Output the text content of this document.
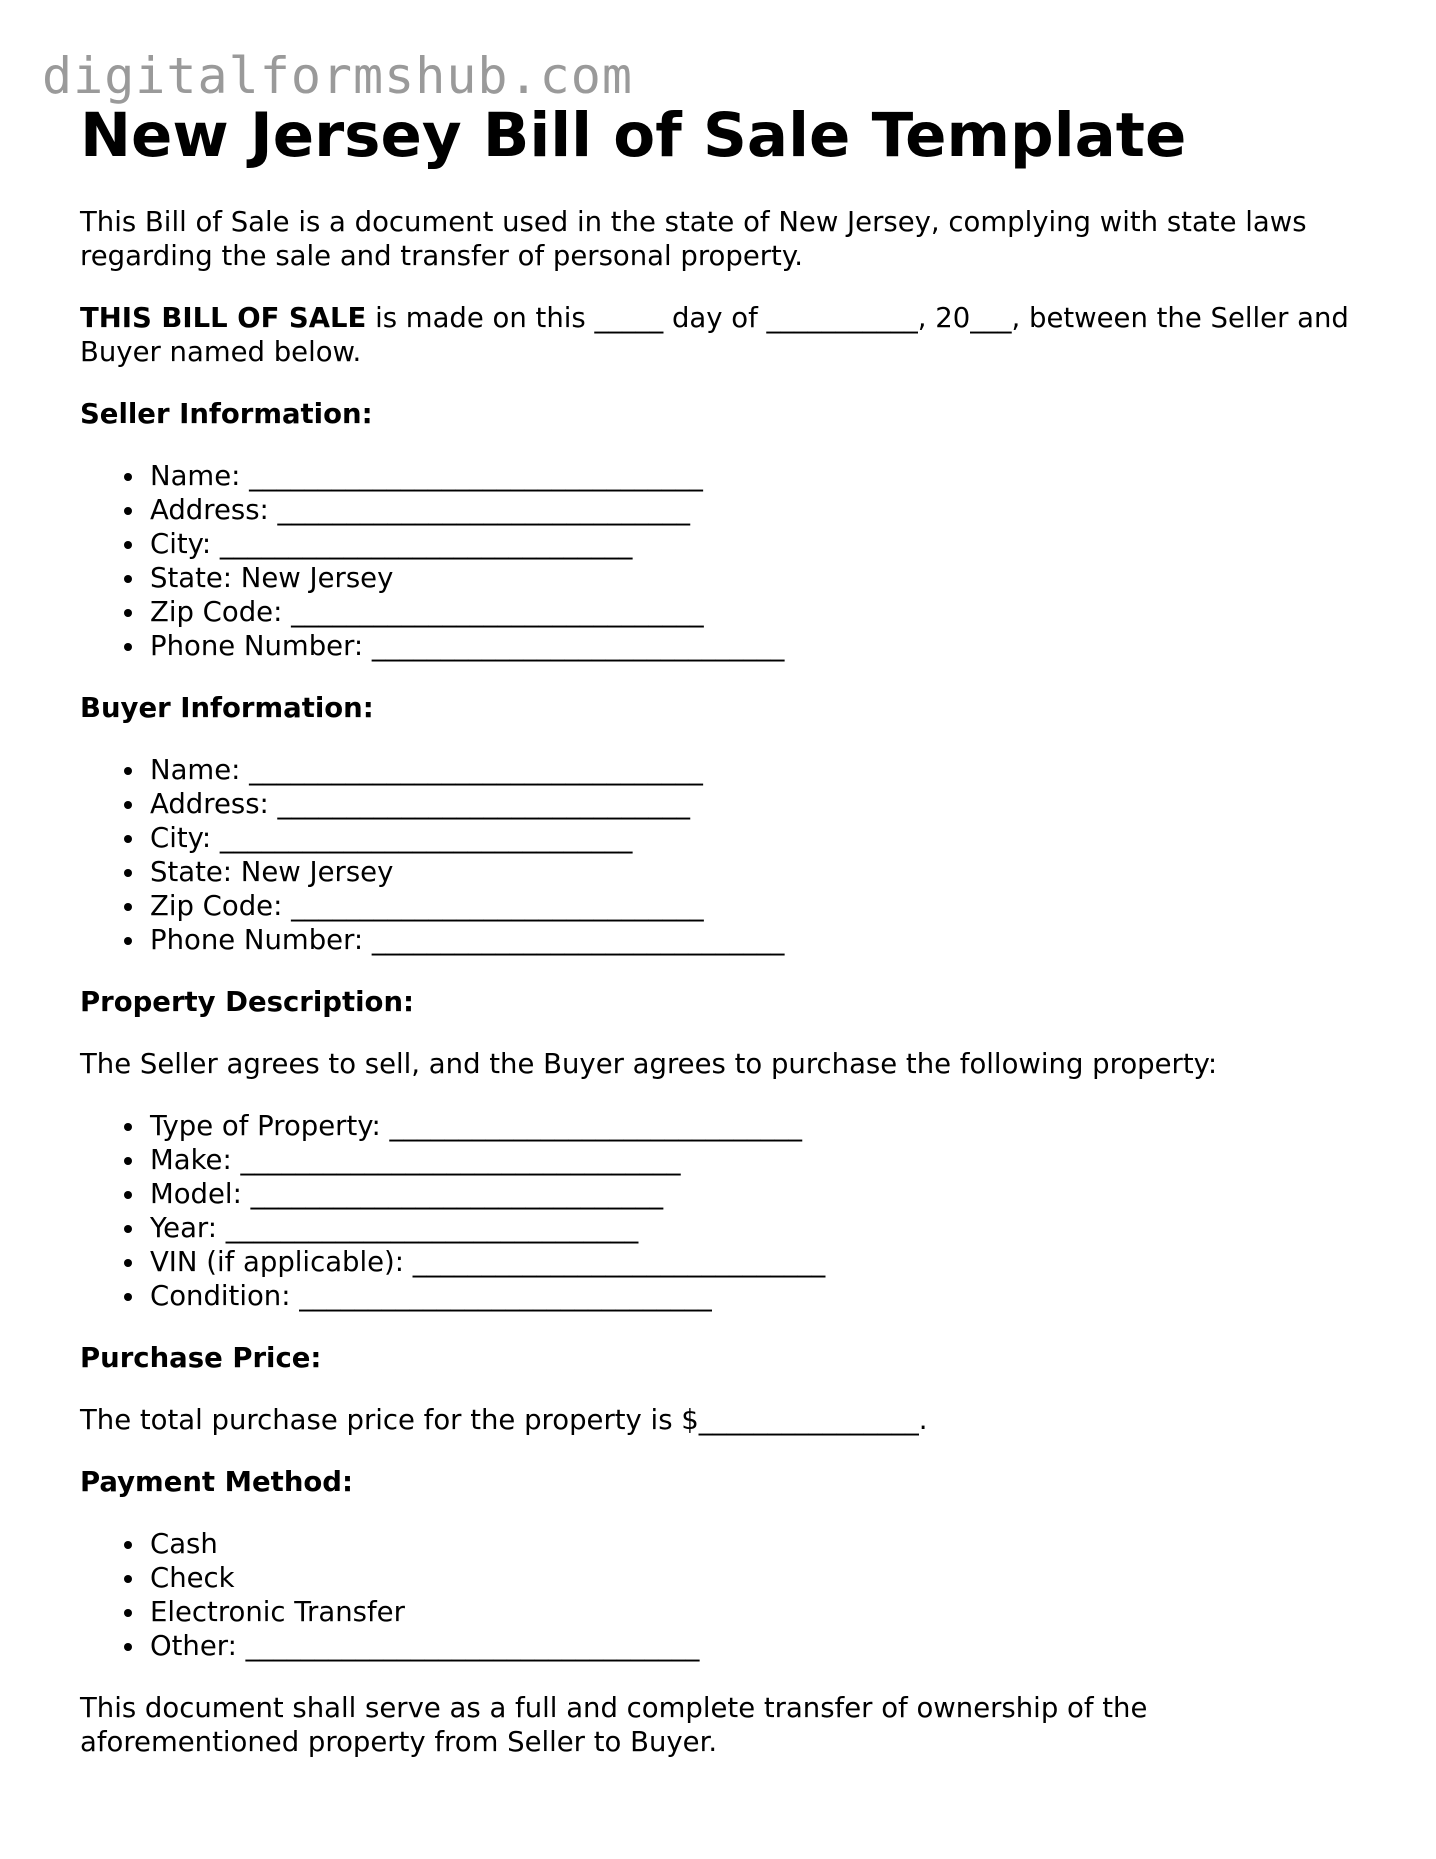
digitalformshub.com
New Jersey Bill of Sale Template

This Bill of Sale is a document used in the state of New Jersey, complying with state laws regarding the sale and transfer of personal property.

THIS BILL OF SALE is made on this _____ day of ___________, 20___, between the Seller and Buyer named below.

Seller Information:
Name: _________________________________
Address: ______________________________
City: ______________________________
State: New Jersey
Zip Code: ______________________________
Phone Number: ______________________________
Buyer Information:
Name: _________________________________
Address: ______________________________
City: ______________________________
State: New Jersey
Zip Code: ______________________________
Phone Number: ______________________________
Property Description:

The Seller agrees to sell, and the Buyer agrees to purchase the following property:

Type of Property: ______________________________
Make: ________________________________
Model: ______________________________
Year: ______________________________
VIN (if applicable): ______________________________
Condition: ______________________________
Purchase Price:

The total purchase price for the property is $________________.

Payment Method:
Cash
Check
Electronic Transfer
Other: _________________________________

This document shall serve as a full and complete transfer of ownership of the aforementioned property from Seller to Buyer.
